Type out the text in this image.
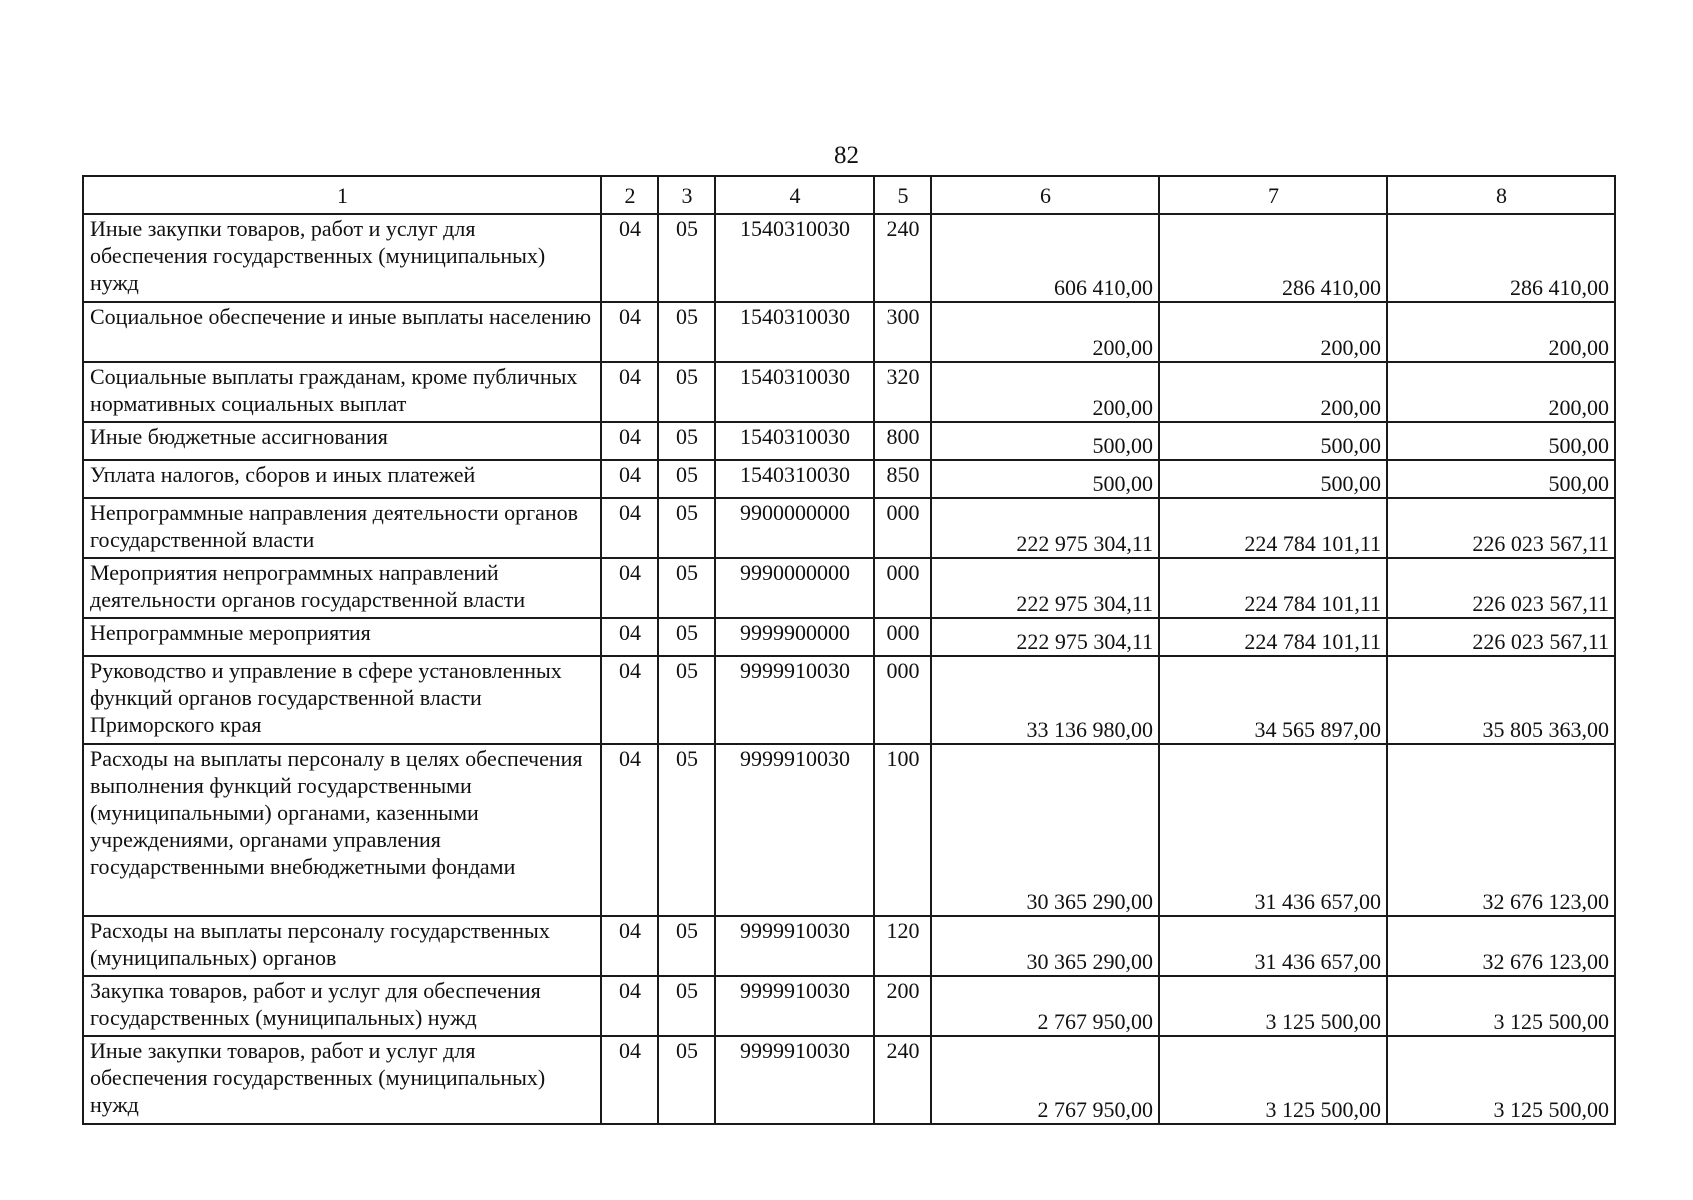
82
1	2	3	4	5	6	7	8
Иные закупки товаров, работ и услуг для обеспечения государственных (муниципальных) нужд	04	05	1540310030	240	606 410,00	286 410,00	286 410,00
Социальное обеспечение и иные выплаты населению	04	05	1540310030	300	200,00	200,00	200,00
Социальные выплаты гражданам, кроме публичных нормативных социальных выплат	04	05	1540310030	320	200,00	200,00	200,00
Иные бюджетные ассигнования	04	05	1540310030	800	500,00	500,00	500,00
Уплата налогов, сборов и иных платежей	04	05	1540310030	850	500,00	500,00	500,00
Непрограммные направления деятельности органов государственной власти	04	05	9900000000	000	222 975 304,11	224 784 101,11	226 023 567,11
Мероприятия непрограммных направлений деятельности органов государственной власти	04	05	9990000000	000	222 975 304,11	224 784 101,11	226 023 567,11
Непрограммные мероприятия	04	05	9999900000	000	222 975 304,11	224 784 101,11	226 023 567,11
Руководство и управление в сфере установленных функций органов государственной власти Приморского края	04	05	9999910030	000	33 136 980,00	34 565 897,00	35 805 363,00
Расходы на выплаты персоналу в целях обеспечения выполнения функций государственными (муниципальными) органами, казенными учреждениями, органами управления государственными внебюджетными фондами	04	05	9999910030	100	30 365 290,00	31 436 657,00	32 676 123,00
Расходы на выплаты персоналу государственных (муниципальных) органов	04	05	9999910030	120	30 365 290,00	31 436 657,00	32 676 123,00
Закупка товаров, работ и услуг для обеспечения государственных (муниципальных) нужд	04	05	9999910030	200	2 767 950,00	3 125 500,00	3 125 500,00
Иные закупки товаров, работ и услуг для обеспечения государственных (муниципальных) нужд	04	05	9999910030	240	2 767 950,00	3 125 500,00	3 125 500,00
